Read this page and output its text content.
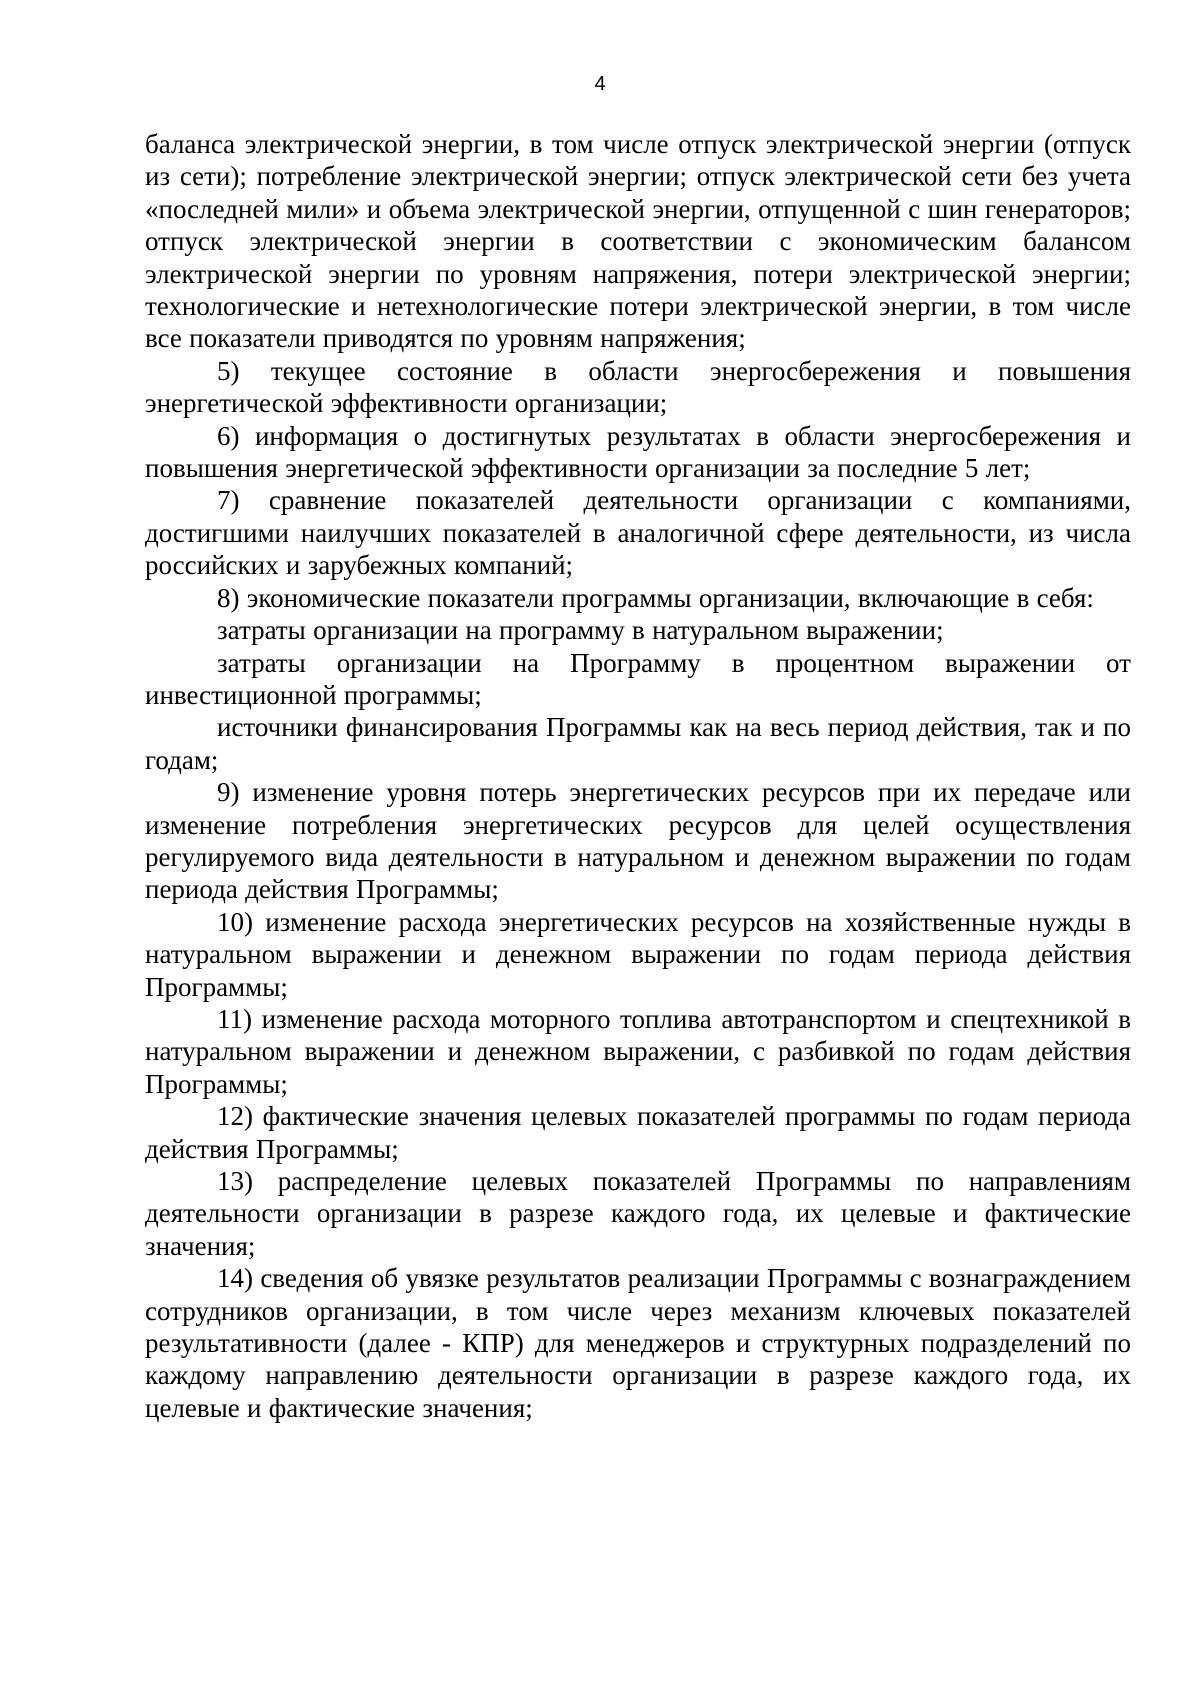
4

баланса электрической энергии, в том числе отпуск электрической энергии (отпуск из сети); потребление электрической энергии; отпуск электрической сети без учета «последней мили» и объема электрической энергии, отпущенной с шин генераторов; отпуск электрической энергии в соответствии с экономическим балансом электрической энергии по уровням напряжения, потери электрической энергии; технологические и нетехнологические потери электрической энергии, в том числе все показатели приводятся по уровням напряжения;

5) текущее состояние в области энергосбережения и повышения энергетической эффективности организации;

6) информация о достигнутых результатах в области энергосбережения и повышения энергетической эффективности организации за последние 5 лет;

7) сравнение показателей деятельности организации с компаниями, достигшими наилучших показателей в аналогичной сфере деятельности, из числа российских и зарубежных компаний;

8) экономические показатели программы организации, включающие в себя:

затраты организации на программу в натуральном выражении;

затраты организации на Программу в процентном выражении от инвестиционной программы;

источники финансирования Программы как на весь период действия, так и по годам;

9) изменение уровня потерь энергетических ресурсов при их передаче или изменение потребления энергетических ресурсов для целей осуществления регулируемого вида деятельности в натуральном и денежном выражении по годам периода действия Программы;

10) изменение расхода энергетических ресурсов на хозяйственные нужды в натуральном выражении и денежном выражении по годам периода действия Программы;

11) изменение расхода моторного топлива автотранспортом и спецтехникой в натуральном выражении и денежном выражении, с разбивкой по годам действия Программы;

12) фактические значения целевых показателей программы по годам периода действия Программы;

13) распределение целевых показателей Программы по направлениям деятельности организации в разрезе каждого года, их целевые и фактические значения;

14) сведения об увязке результатов реализации Программы с вознаграждением сотрудников организации, в том числе через механизм ключевых показателей результативности (далее - КПР) для менеджеров и структурных подразделений по каждому направлению деятельности организации в разрезе каждого года, их целевые и фактические значения;
